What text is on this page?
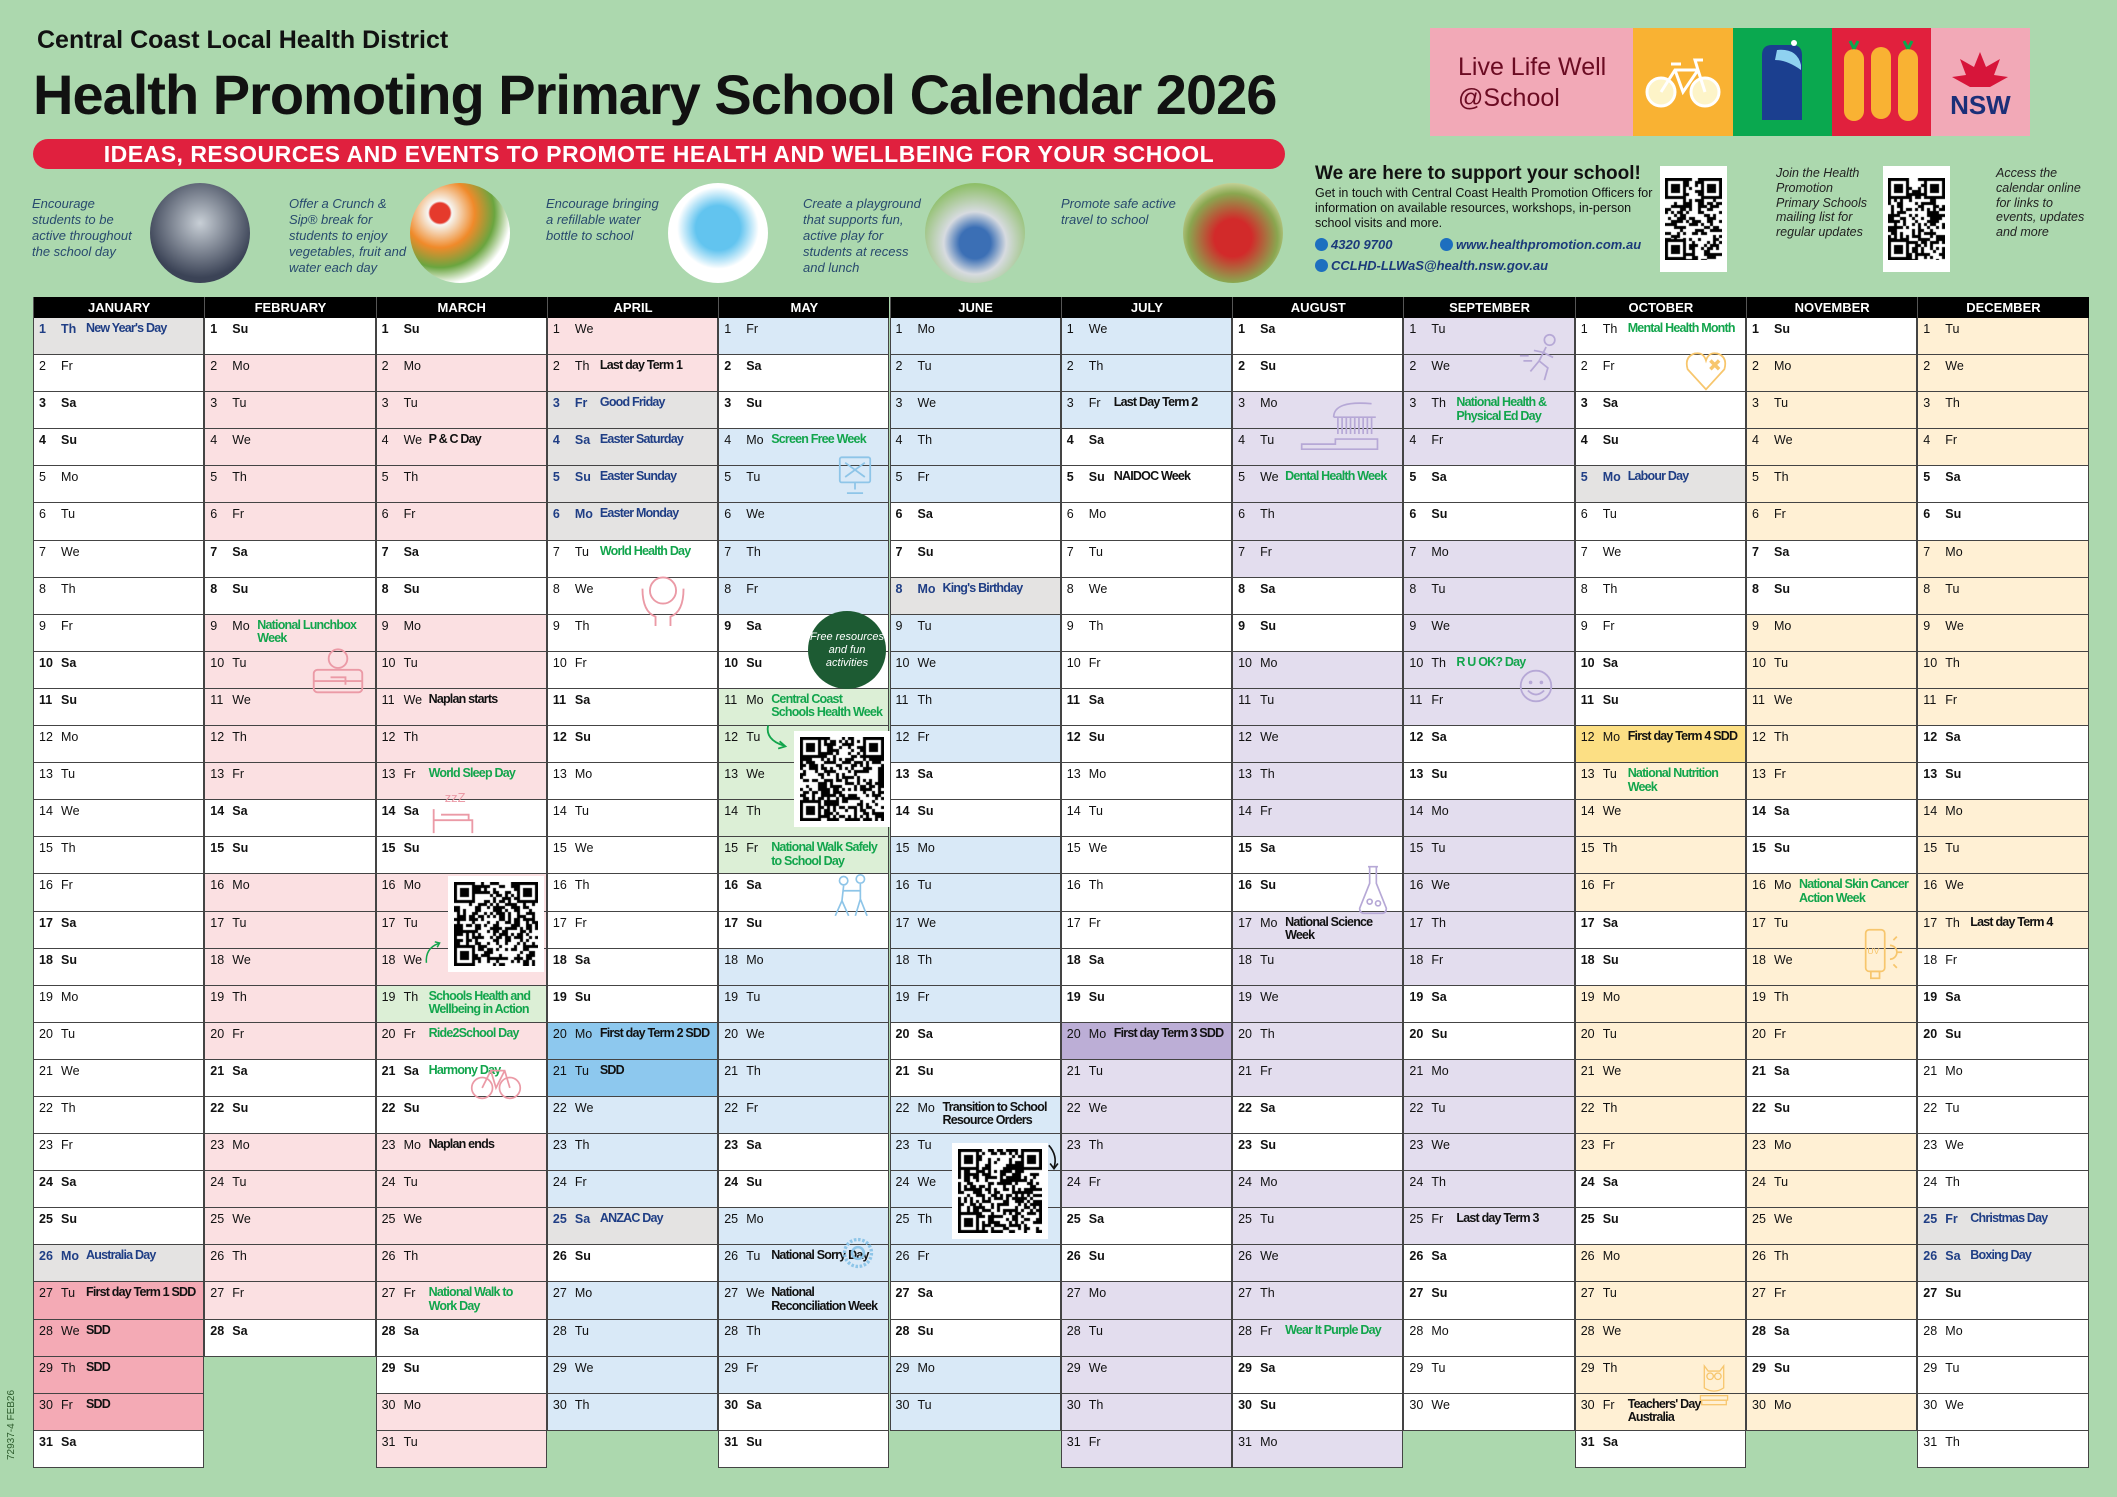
Central Coast Local Health District
Health Promoting Primary School Calendar 2026
IDEAS, RESOURCES AND EVENTS TO PROMOTE HEALTH AND WELLBEING FOR YOUR SCHOOL
Encourage students to be active throughout the school day
Offer a Crunch & Sip® break for students to enjoy vegetables, fruit and water each day
Encourage bringing a refillable water bottle to school
Create a playground that supports fun, active play for students at recess and lunch
Promote safe active travel to school
Live Life Well @School	NSW
We are here to support your school!
Get in touch with Central Coast Health Promotion Officers for information on available resources, workshops, in-person school visits and more.
4320 9700	www.healthpromotion.com.au
CCLHD-LLWaS@health.nsw.gov.au
Join the Health Promotion Primary Schools mailing list for regular updates
Access the calendar online for links to events, updates and more
JANUARY
1	Th New Year's Day
2	Fr
3	Sa
4	Su
5	Mo
6	Tu
7	We
8	Th
9	Fr
10 Sa
11 Su
12 Mo
13 Tu
14 We
15 Th
16 Fr
17 Sa
18 Su
19 Mo
20 Tu
21 We
22 Th
23 Fr
24 Sa
25 Su
26 Mo Australia Day
27 Tu First day Term 1 SDD
28 We SDD
29 Th SDD
30 Fr	SDD
31 Sa
FEBRUARY
1	Su
2	Mo
3	Tu
4	We
5	Th
6	Fr
7	Sa
8	Su
9	Mo National Lunchbox Week
10 Tu
11 We
12 Th
13 Fr
14 Sa
15 Su
16 Mo
17 Tu
18 We
19 Th
20 Fr
21 Sa
22 Su
23 Mo
24 Tu
25 We
26 Th
27 Fr
28 Sa
MARCH
1	Su
2	Mo
3	Tu
4	We P & C Day
5	Th
6	Fr
7	Sa
8	Su
9	Mo
10 Tu
11 We Naplan starts
12 Th
13 Fr	World Sleep Day
14 Sa
15 Su
16 Mo
17 Tu
18 We
19 Th Schools Health and Wellbeing in Action
20 Fr	Ride2School Day
21 Sa Harmony Day
22 Su
23 Mo Naplan ends
24 Tu
25 We
26 Th
27 Fr	National Walk to Work Day
28 Sa
29 Su
30 Mo
31 Tu
APRIL
1	We
2	Th Last day Term 1
3	Fr	Good Friday
4	Sa Easter Saturday
5	Su Easter Sunday
6	Mo Easter Monday
7	Tu World Health Day
8	We
9	Th
10 Fr
11 Sa
12 Su
13 Mo
14 Tu
15 We
16 Th
17 Fr
18 Sa
19 Su
20 Mo First day Term 2 SDD
21 Tu SDD
22 We
23 Th
24 Fr
25 Sa ANZAC Day
26 Su
27 Mo
28 Tu
29 We
30 Th
MAY
1	Fr
2	Sa
3	Su
4	Mo Screen Free Week
5	Tu
6	We
7	Th
8	Fr
9	Sa
10 Su
11 Mo Central Coast Schools Health Week
12 Tu
13 We
14 Th
15 Fr	National Walk Safely to School Day
16 Sa
17 Su
18 Mo
19 Tu
20 We
21 Th
22 Fr
23 Sa
24 Su
25 Mo
26 Tu National Sorry Day
27 We National Reconciliation Week
28 Th
29 Fr
30 Sa
31 Su
JUNE
1	Mo
2	Tu
3	We
4	Th
5	Fr
6	Sa
7	Su
8	Mo King's Birthday
9	Tu
10 We
11 Th
12 Fr
13 Sa
14 Su
15 Mo
16 Tu
17 We
18 Th
19 Fr
20 Sa
21 Su
22 Mo Transition to School Resource Orders
23 Tu
24 We
25 Th
26 Fr
27 Sa
28 Su
29 Mo
30 Tu
JULY
1	We
2	Th
3	Fr	Last Day Term 2
4	Sa
5	Su NAIDOC Week
6	Mo
7	Tu
8	We
9	Th
10 Fr
11 Sa
12 Su
13 Mo
14 Tu
15 We
16 Th
17 Fr
18 Sa
19 Su
20 Mo First day Term 3 SDD
21 Tu
22 We
23 Th
24 Fr
25 Sa
26 Su
27 Mo
28 Tu
29 We
30 Th
31 Fr
AUGUST
1	Sa
2	Su
3	Mo
4	Tu
5	We Dental Health Week
6	Th
7	Fr
8	Sa
9	Su
10 Mo
11 Tu
12 We
13 Th
14 Fr
15 Sa
16 Su
17 Mo National Science Week
18 Tu
19 We
20 Th
21 Fr
22 Sa
23 Su
24 Mo
25 Tu
26 We
27 Th
28 Fr	Wear It Purple Day
29 Sa
30 Su
31 Mo
SEPTEMBER
1	Tu
2	We
3	Th National Health & Physical Ed Day
4	Fr
5	Sa
6	Su
7	Mo
8	Tu
9	We
10 Th R U OK? Day
11 Fr
12 Sa
13 Su
14 Mo
15 Tu
16 We
17 Th
18 Fr
19 Sa
20 Su
21 Mo
22 Tu
23 We
24 Th
25 Fr	Last day Term 3
26 Sa
27 Su
28 Mo
29 Tu
30 We
OCTOBER
1	Th Mental Health Month
2	Fr
3	Sa
4	Su
5	Mo Labour Day
6	Tu
7	We
8	Th
9	Fr
10 Sa
11 Su
12 Mo First day Term 4 SDD
13 Tu National Nutrition Week
14 We
15 Th
16 Fr
17 Sa
18 Su
19 Mo
20 Tu
21 We
22 Th
23 Fr
24 Sa
25 Su
26 Mo
27 Tu
28 We
29 Th
30 Fr	Teachers' Day Australia
31 Sa
NOVEMBER
1	Su
2	Mo
3	Tu
4	We
5	Th
6	Fr
7	Sa
8	Su
9	Mo
10 Tu
11 We
12 Th
13 Fr
14 Sa
15 Su
16 Mo National Skin Cancer Action Week
17 Tu
18 We
19 Th
20 Fr
21 Sa
22 Su
23 Mo
24 Tu
25 We
26 Th
27 Fr
28 Sa
29 Su
30 Mo
DECEMBER
1	Tu
2	We
3	Th
4	Fr
5	Sa
6	Su
7	Mo
8	Tu
9	We
10 Th
11 Fr
12 Sa
13 Su
14 Mo
15 Tu
16 We
17 Th Last day Term 4
18 Fr
19 Sa
20 Su
21 Mo
22 Tu
23 We
24 Th
25 Fr	Christmas Day
26 Sa Boxing Day
27 Su
28 Mo
29 Tu
30 We
31 Th
Free resources and fun activities
zzZ
UV
72937-4 FEB26
